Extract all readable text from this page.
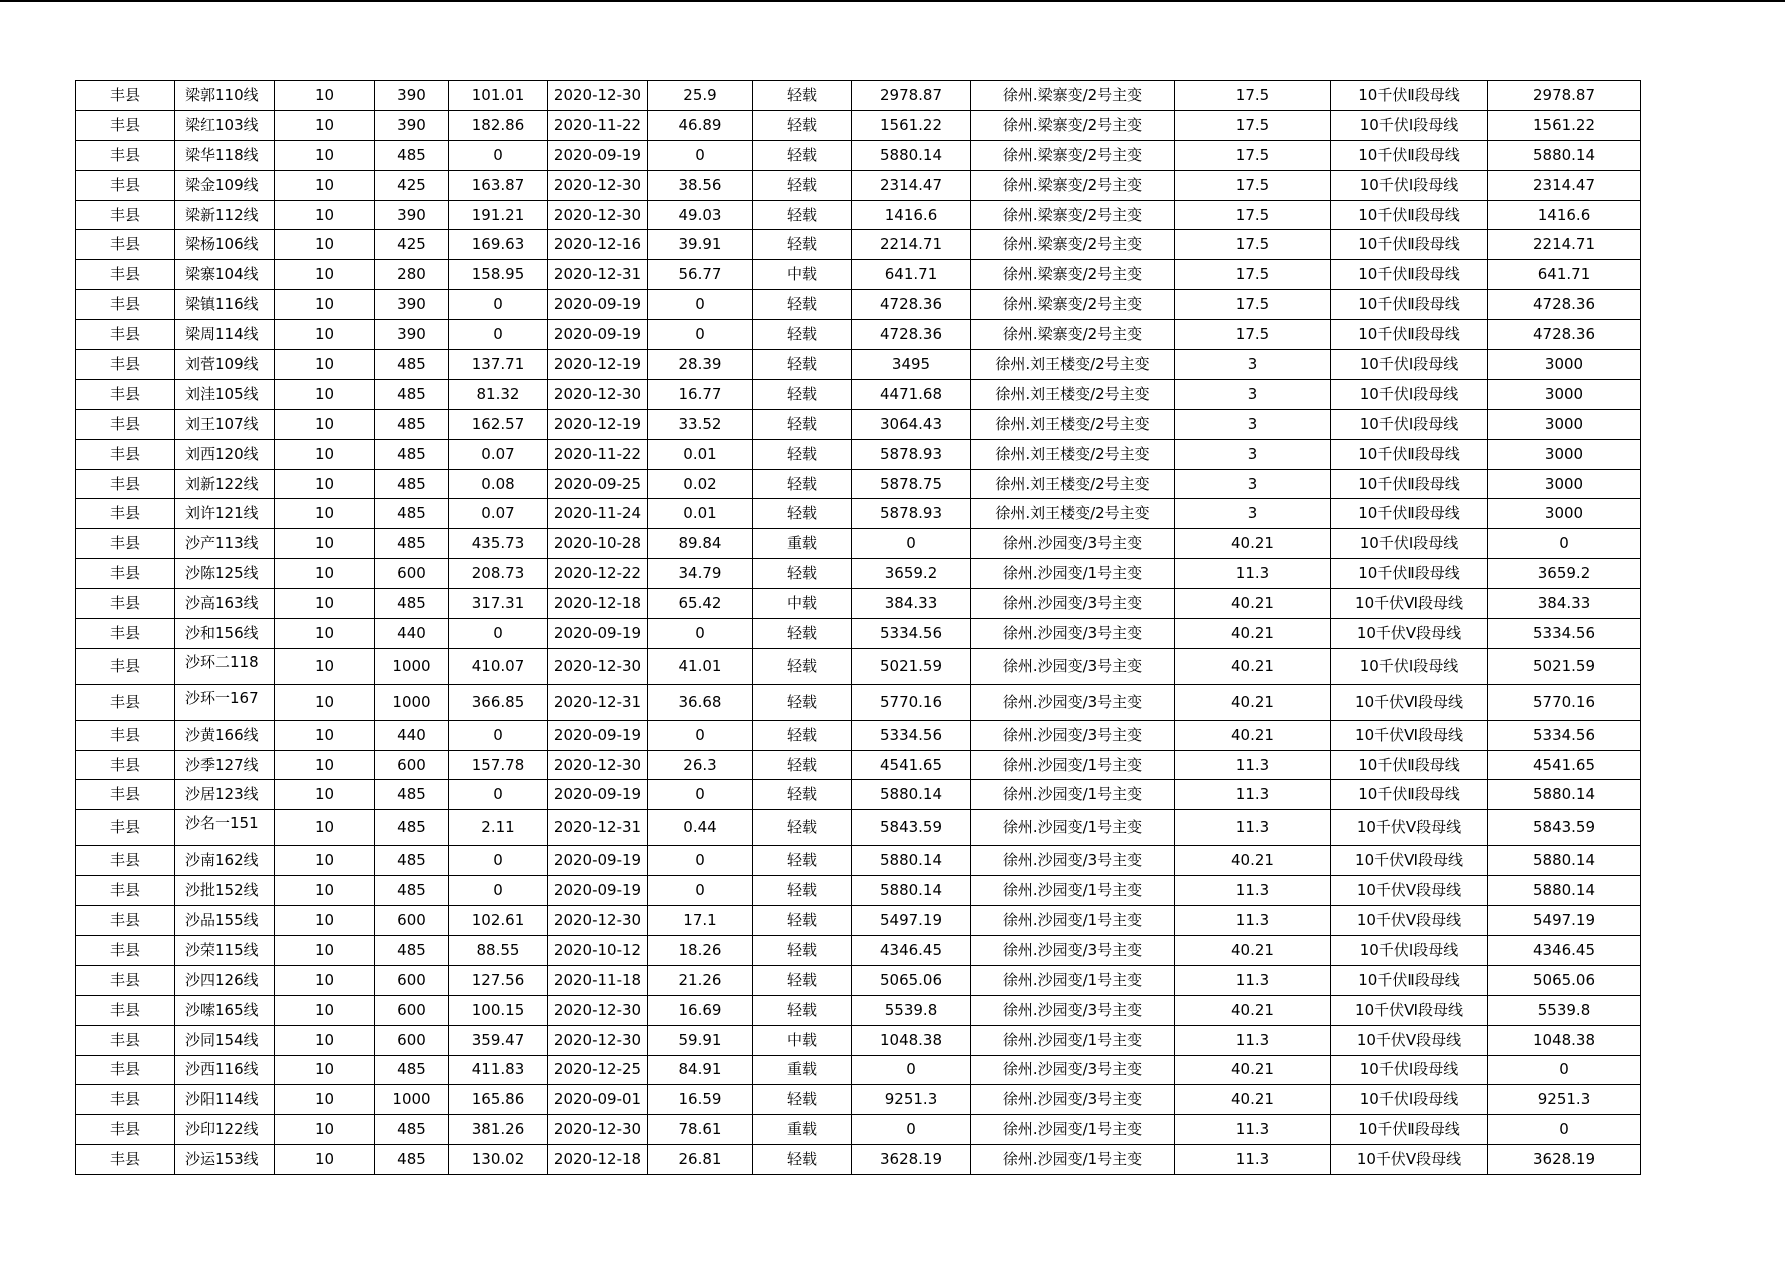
丰县	梁郭110线	10	390	101.01	2020-12-30	25.9	轻载	2978.87	徐州.梁寨变/2号主变	17.5	10千伏Ⅱ段母线	2978.87
丰县	梁红103线	10	390	182.86	2020-11-22	46.89	轻载	1561.22	徐州.梁寨变/2号主变	17.5	10千伏Ⅰ段母线	1561.22
丰县	梁华118线	10	485	0	2020-09-19	0	轻载	5880.14	徐州.梁寨变/2号主变	17.5	10千伏Ⅱ段母线	5880.14
丰县	梁金109线	10	425	163.87	2020-12-30	38.56	轻载	2314.47	徐州.梁寨变/2号主变	17.5	10千伏Ⅰ段母线	2314.47
丰县	梁新112线	10	390	191.21	2020-12-30	49.03	轻载	1416.6	徐州.梁寨变/2号主变	17.5	10千伏Ⅱ段母线	1416.6
丰县	梁杨106线	10	425	169.63	2020-12-16	39.91	轻载	2214.71	徐州.梁寨变/2号主变	17.5	10千伏Ⅱ段母线	2214.71
丰县	梁寨104线	10	280	158.95	2020-12-31	56.77	中载	641.71	徐州.梁寨变/2号主变	17.5	10千伏Ⅱ段母线	641.71
丰县	梁镇116线	10	390	0	2020-09-19	0	轻载	4728.36	徐州.梁寨变/2号主变	17.5	10千伏Ⅱ段母线	4728.36
丰县	梁周114线	10	390	0	2020-09-19	0	轻载	4728.36	徐州.梁寨变/2号主变	17.5	10千伏Ⅱ段母线	4728.36
丰县	刘菅109线	10	485	137.71	2020-12-19	28.39	轻载	3495	徐州.刘王楼变/2号主变	3	10千伏Ⅰ段母线	3000
丰县	刘洼105线	10	485	81.32	2020-12-30	16.77	轻载	4471.68	徐州.刘王楼变/2号主变	3	10千伏Ⅰ段母线	3000
丰县	刘王107线	10	485	162.57	2020-12-19	33.52	轻载	3064.43	徐州.刘王楼变/2号主变	3	10千伏Ⅰ段母线	3000
丰县	刘西120线	10	485	0.07	2020-11-22	0.01	轻载	5878.93	徐州.刘王楼变/2号主变	3	10千伏Ⅱ段母线	3000
丰县	刘新122线	10	485	0.08	2020-09-25	0.02	轻载	5878.75	徐州.刘王楼变/2号主变	3	10千伏Ⅱ段母线	3000
丰县	刘许121线	10	485	0.07	2020-11-24	0.01	轻载	5878.93	徐州.刘王楼变/2号主变	3	10千伏Ⅱ段母线	3000
丰县	沙产113线	10	485	435.73	2020-10-28	89.84	重载	0	徐州.沙园变/3号主变	40.21	10千伏Ⅰ段母线	0
丰县	沙陈125线	10	600	208.73	2020-12-22	34.79	轻载	3659.2	徐州.沙园变/1号主变	11.3	10千伏Ⅱ段母线	3659.2
丰县	沙高163线	10	485	317.31	2020-12-18	65.42	中载	384.33	徐州.沙园变/3号主变	40.21	10千伏Ⅵ段母线	384.33
丰县	沙和156线	10	440	0	2020-09-19	0	轻载	5334.56	徐州.沙园变/3号主变	40.21	10千伏Ⅴ段母线	5334.56
丰县	沙环二118	10	1000	410.07	2020-12-30	41.01	轻载	5021.59	徐州.沙园变/3号主变	40.21	10千伏Ⅰ段母线	5021.59
丰县	沙环一167	10	1000	366.85	2020-12-31	36.68	轻载	5770.16	徐州.沙园变/3号主变	40.21	10千伏Ⅵ段母线	5770.16
丰县	沙黄166线	10	440	0	2020-09-19	0	轻载	5334.56	徐州.沙园变/3号主变	40.21	10千伏Ⅵ段母线	5334.56
丰县	沙季127线	10	600	157.78	2020-12-30	26.3	轻载	4541.65	徐州.沙园变/1号主变	11.3	10千伏Ⅱ段母线	4541.65
丰县	沙居123线	10	485	0	2020-09-19	0	轻载	5880.14	徐州.沙园变/1号主变	11.3	10千伏Ⅱ段母线	5880.14
丰县	沙名一151	10	485	2.11	2020-12-31	0.44	轻载	5843.59	徐州.沙园变/1号主变	11.3	10千伏Ⅴ段母线	5843.59
丰县	沙南162线	10	485	0	2020-09-19	0	轻载	5880.14	徐州.沙园变/3号主变	40.21	10千伏Ⅵ段母线	5880.14
丰县	沙批152线	10	485	0	2020-09-19	0	轻载	5880.14	徐州.沙园变/1号主变	11.3	10千伏Ⅴ段母线	5880.14
丰县	沙品155线	10	600	102.61	2020-12-30	17.1	轻载	5497.19	徐州.沙园变/1号主变	11.3	10千伏Ⅴ段母线	5497.19
丰县	沙荣115线	10	485	88.55	2020-10-12	18.26	轻载	4346.45	徐州.沙园变/3号主变	40.21	10千伏Ⅰ段母线	4346.45
丰县	沙四126线	10	600	127.56	2020-11-18	21.26	轻载	5065.06	徐州.沙园变/1号主变	11.3	10千伏Ⅱ段母线	5065.06
丰县	沙嗦165线	10	600	100.15	2020-12-30	16.69	轻载	5539.8	徐州.沙园变/3号主变	40.21	10千伏Ⅵ段母线	5539.8
丰县	沙同154线	10	600	359.47	2020-12-30	59.91	中载	1048.38	徐州.沙园变/1号主变	11.3	10千伏Ⅴ段母线	1048.38
丰县	沙西116线	10	485	411.83	2020-12-25	84.91	重载	0	徐州.沙园变/3号主变	40.21	10千伏Ⅰ段母线	0
丰县	沙阳114线	10	1000	165.86	2020-09-01	16.59	轻载	9251.3	徐州.沙园变/3号主变	40.21	10千伏Ⅰ段母线	9251.3
丰县	沙印122线	10	485	381.26	2020-12-30	78.61	重载	0	徐州.沙园变/1号主变	11.3	10千伏Ⅱ段母线	0
丰县	沙运153线	10	485	130.02	2020-12-18	26.81	轻载	3628.19	徐州.沙园变/1号主变	11.3	10千伏Ⅴ段母线	3628.19
